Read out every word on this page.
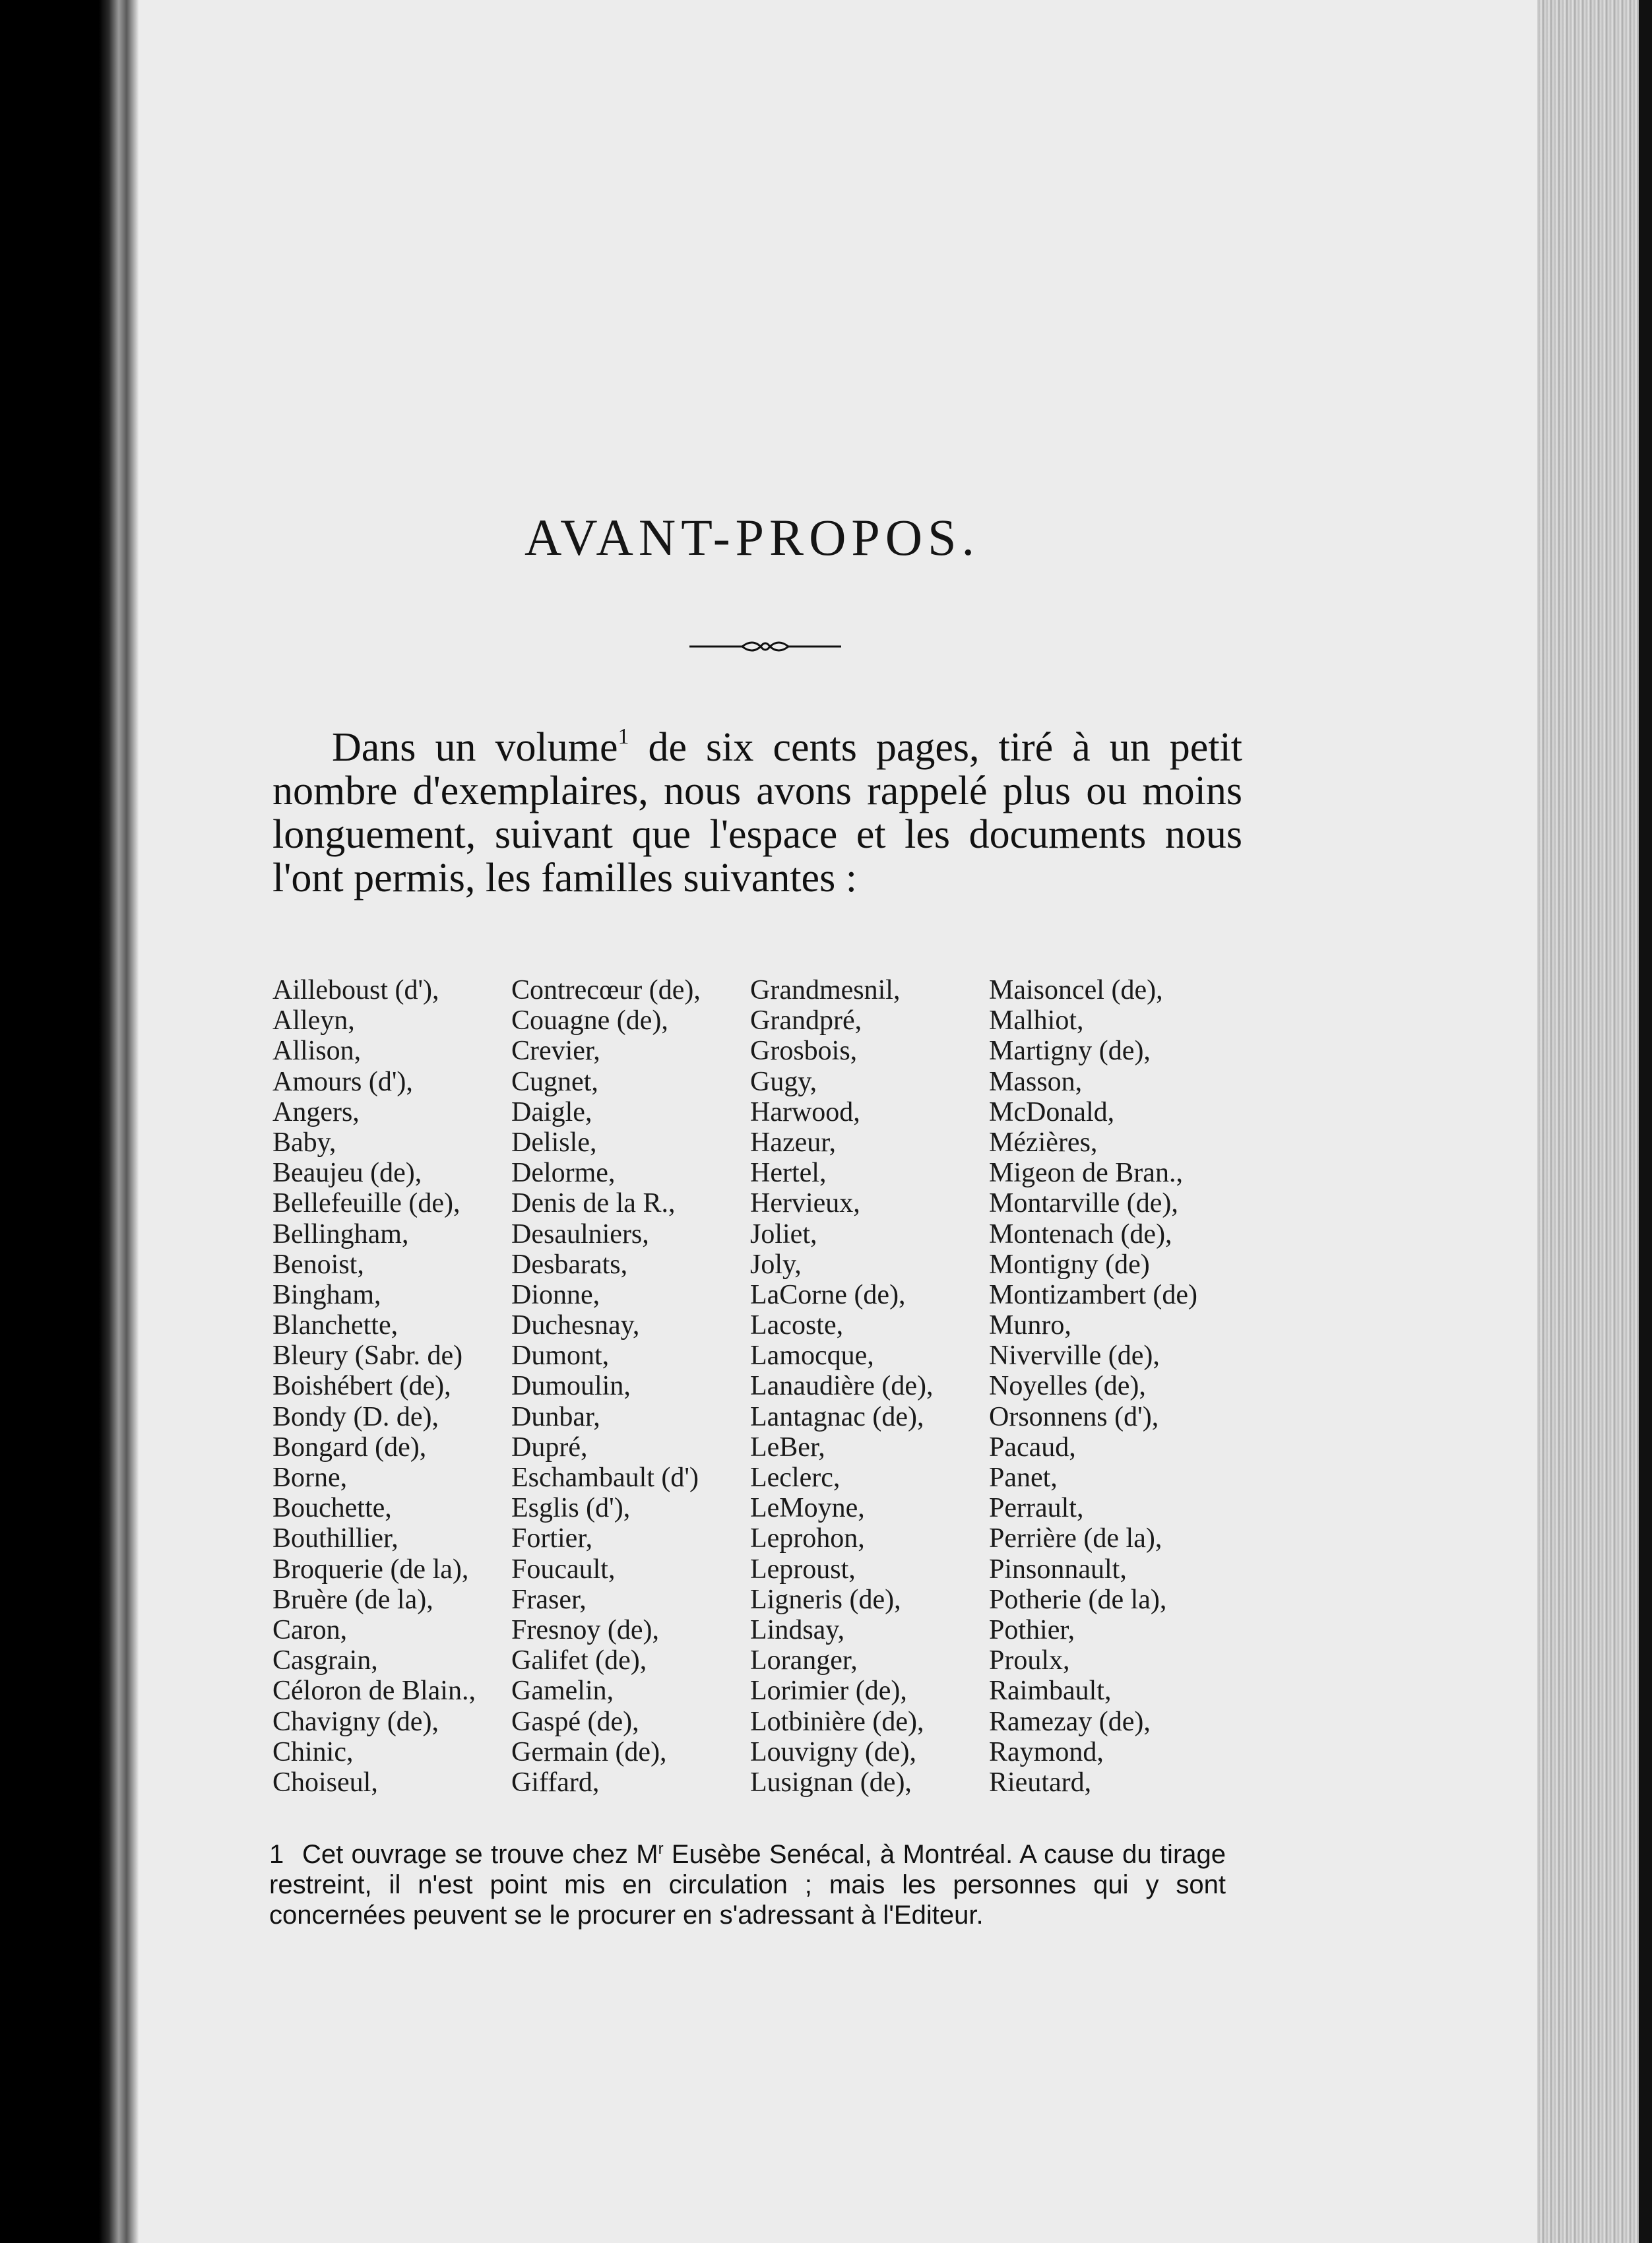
AVANT-PROPOS.

Dans un volume$^1$ de six cents pages, tiré à un petit nombre d'exemplaires, nous avons rappelé plus ou moins longuement, suivant que l'espace et les documents nous l'ont permis, les familles suivantes :

Ailleboust (d'),
Alleyn,
Allison,
Amours (d'),
Angers,
Baby,
Beaujeu (de),
Bellefeuille (de),
Bellingham,
Benoist,
Bingham,
Blanchette,
Bleury (Sabr. de)
Boishébert (de),
Bondy (D. de),
Bongard (de),
Borne,
Bouchette,
Bouthillier,
Broquerie (de la),
Bruère (de la),
Caron,
Casgrain,
Céloron de Blain.,
Chavigny (de),
Chinic,
Choiseul,
Contrecœur (de),
Couagne (de),
Crevier,
Cugnet,
Daigle,
Delisle,
Delorme,
Denis de la R.,
Desaulniers,
Desbarats,
Dionne,
Duchesnay,
Dumont,
Dumoulin,
Dunbar,
Dupré,
Eschambault (d')
Esglis (d'),
Fortier,
Foucault,
Fraser,
Fresnoy (de),
Galifet (de),
Gamelin,
Gaspé (de),
Germain (de),
Giffard,
Grandmesnil,
Grandpré,
Grosbois,
Gugy,
Harwood,
Hazeur,
Hertel,
Hervieux,
Joliet,
Joly,
LaCorne (de),
Lacoste,
Lamocque,
Lanaudière (de),
Lantagnac (de),
LeBer,
Leclerc,
LeMoyne,
Leprohon,
Leproust,
Ligneris (de),
Lindsay,
Loranger,
Lorimier (de),
Lotbinière (de),
Louvigny (de),
Lusignan (de),
Maisoncel (de),
Malhiot,
Martigny (de),
Masson,
McDonald,
Mézières,
Migeon de Bran.,
Montarville (de),
Montenach (de),
Montigny (de)
Montizambert (de)
Munro,
Niverville (de),
Noyelles (de),
Orsonnens (d'),
Pacaud,
Panet,
Perrault,
Perrière (de la),
Pinsonnault,
Potherie (de la),
Pothier,
Proulx,
Raimbault,
Ramezay (de),
Raymond,
Rieutard,

1 Cet ouvrage se trouve chez $M^r$ Eusèbe Senécal, à Montréal. A cause du tirage restreint, il n'est point mis en circulation ; mais les personnes qui y sont concernées peuvent se le procurer en s'adressant à l'Editeur.
